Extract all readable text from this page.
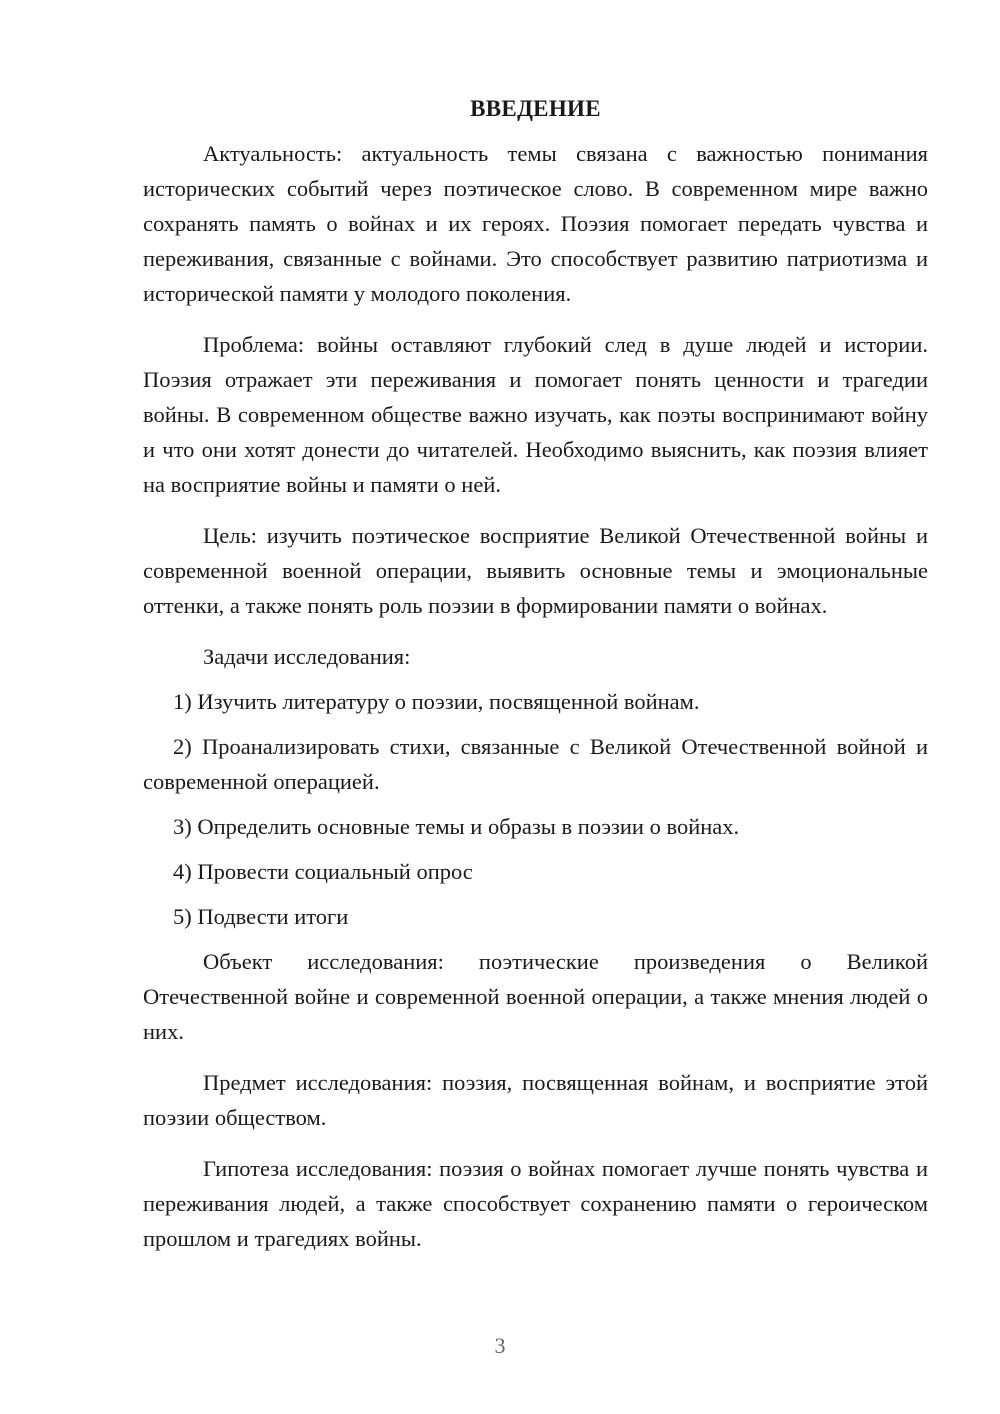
ВВЕДЕНИЕ

Актуальность: актуальность темы связана с важностью понимания исторических событий через поэтическое слово. В современном мире важно сохранять память о войнах и их героях. Поэзия помогает передать чувства и переживания, связанные с войнами. Это способствует развитию патриотизма и исторической памяти у молодого поколения.

Проблема: войны оставляют глубокий след в душе людей и истории. Поэзия отражает эти переживания и помогает понять ценности и трагедии войны. В современном обществе важно изучать, как поэты воспринимают войну и что они хотят донести до читателей. Необходимо выяснить, как поэзия влияет на восприятие войны и памяти о ней.

Цель: изучить поэтическое восприятие Великой Отечественной войны и современной военной операции, выявить основные темы и эмоциональные оттенки, а также понять роль поэзии в формировании памяти о войнах.

Задачи исследования:

1) Изучить литературу о поэзии, посвященной войнам.

2) Проанализировать стихи, связанные с Великой Отечественной войной и современной операцией.

3) Определить основные темы и образы в поэзии о войнах.

4) Провести социальный опрос

5) Подвести итоги

Объект исследования: поэтические произведения о Великой Отечественной войне и современной военной операции, а также мнения людей о них.

Предмет исследования: поэзия, посвященная войнам, и восприятие этой поэзии обществом.

Гипотеза исследования: поэзия о войнах помогает лучше понять чувства и переживания людей, а также способствует сохранению памяти о героическом прошлом и трагедиях войны.

3
